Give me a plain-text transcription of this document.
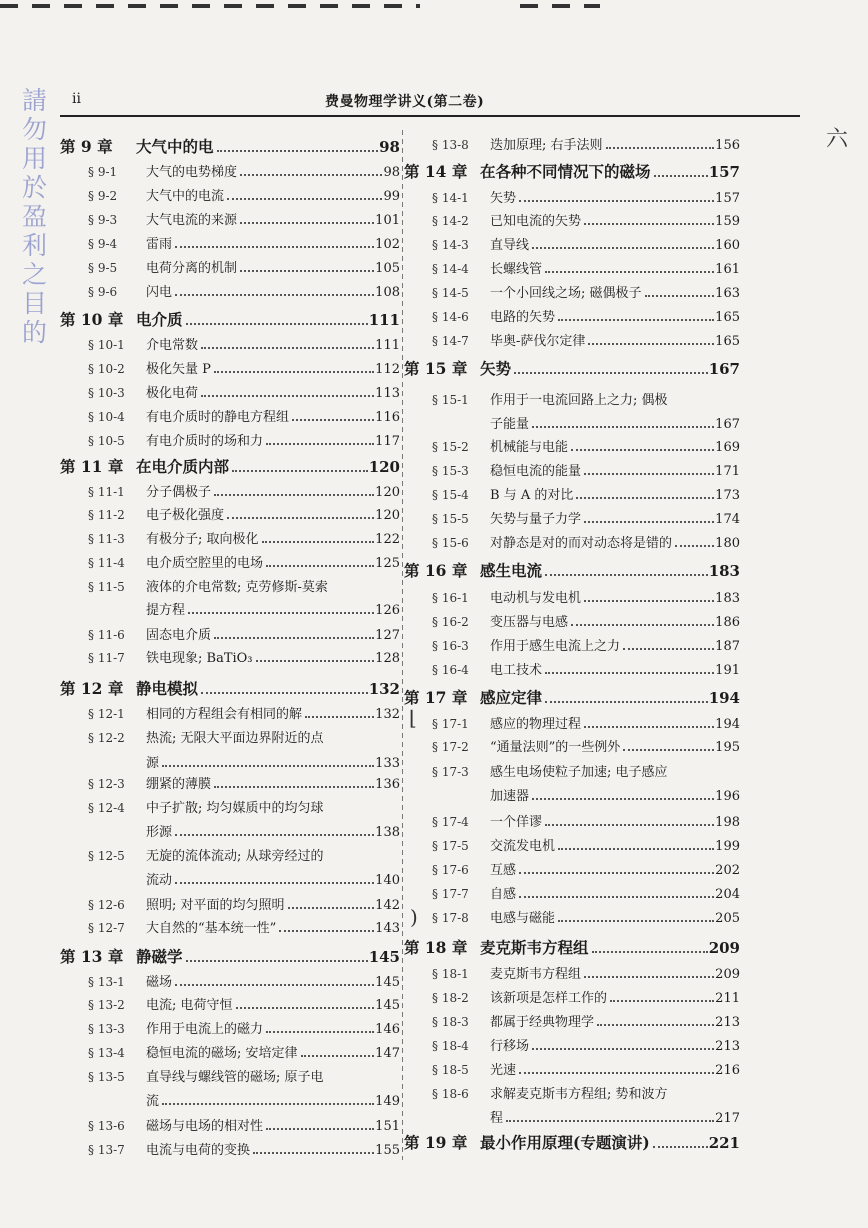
請勿用於盈利之目的
六
ii	费曼物理学讲义(第二卷)
第 9 章	大气中的电	98
§ 9-1	大气的电势梯度	98
§ 9-2	大气中的电流	99
§ 9-3	大气电流的来源	101
§ 9-4	雷雨	102
§ 9-5	电荷分离的机制	105
§ 9-6	闪电	108
第 10 章 电介质	111
§ 10-1	介电常数	111
§ 10-2	极化矢量 P	112
§ 10-3	极化电荷	113
§ 10-4	有电介质时的静电方程组	116
§ 10-5	有电介质时的场和力	117
第 11 章 在电介质内部	120
§ 11-1	分子偶极子	120
§ 11-2	电子极化强度	120
§ 11-3	有极分子; 取向极化	122
§ 11-4	电介质空腔里的电场	125
§ 11-5	液体的介电常数; 克劳修斯-莫索
提方程	126
§ 11-6	固态电介质	127
§ 11-7	铁电现象; BaTiO₃	128
第 12 章 静电模拟	132
§ 12-1	相同的方程组会有相同的解	132
§ 12-2	热流; 无限大平面边界附近的点
源	133
§ 12-3	绷紧的薄膜	136
§ 12-4	中子扩散; 均匀媒质中的均匀球
形源	138
§ 12-5	无旋的流体流动; 从球旁经过的
流动	140
§ 12-6	照明; 对平面的均匀照明	142
§ 12-7	大自然的“基本统一性”	143
第 13 章 静磁学	145
§ 13-1	磁场	145
§ 13-2	电流; 电荷守恒	145
§ 13-3	作用于电流上的磁力	146
§ 13-4	稳恒电流的磁场; 安培定律	147
§ 13-5	直导线与螺线管的磁场; 原子电
流	149
§ 13-6	磁场与电场的相对性	151
§ 13-7	电流与电荷的变换	155
§ 13-8	迭加原理; 右手法则	156
第 14 章 在各种不同情况下的磁场	157
§ 14-1	矢势	157
§ 14-2	已知电流的矢势	159
§ 14-3	直导线	160
§ 14-4	长螺线管	161
§ 14-5	一个小回线之场; 磁偶极子	163
§ 14-6	电路的矢势	165
§ 14-7	毕奥-萨伐尔定律	165
第 15 章 矢势	167
§ 15-1	作用于一电流回路上之力; 偶极
子能量	167
§ 15-2	机械能与电能	169
§ 15-3	稳恒电流的能量	171
§ 15-4	B 与 A 的对比	173
§ 15-5	矢势与量子力学	174
§ 15-6	对静态是对的而对动态将是错的	180
第 16 章 感生电流	183
§ 16-1	电动机与发电机	183
§ 16-2	变压器与电感	186
§ 16-3	作用于感生电流上之力	187
§ 16-4	电工技术	191
第 17 章 感应定律	194
§ 17-1	感应的物理过程	194
§ 17-2	“通量法则”的一些例外	195
§ 17-3	感生电场使粒子加速; 电子感应
加速器	196
§ 17-4	一个佯谬	198
§ 17-5	交流发电机	199
§ 17-6	互感	202
§ 17-7	自感	204
§ 17-8	电感与磁能	205
第 18 章 麦克斯韦方程组	209
§ 18-1	麦克斯韦方程组	209
§ 18-2	该新项是怎样工作的	211
§ 18-3	都属于经典物理学	213
§ 18-4	行移场	213
§ 18-5	光速	216
§ 18-6	求解麦克斯韦方程组; 势和波方
程	217
第 19 章 最小作用原理(专题演讲)	221
⌊
)
